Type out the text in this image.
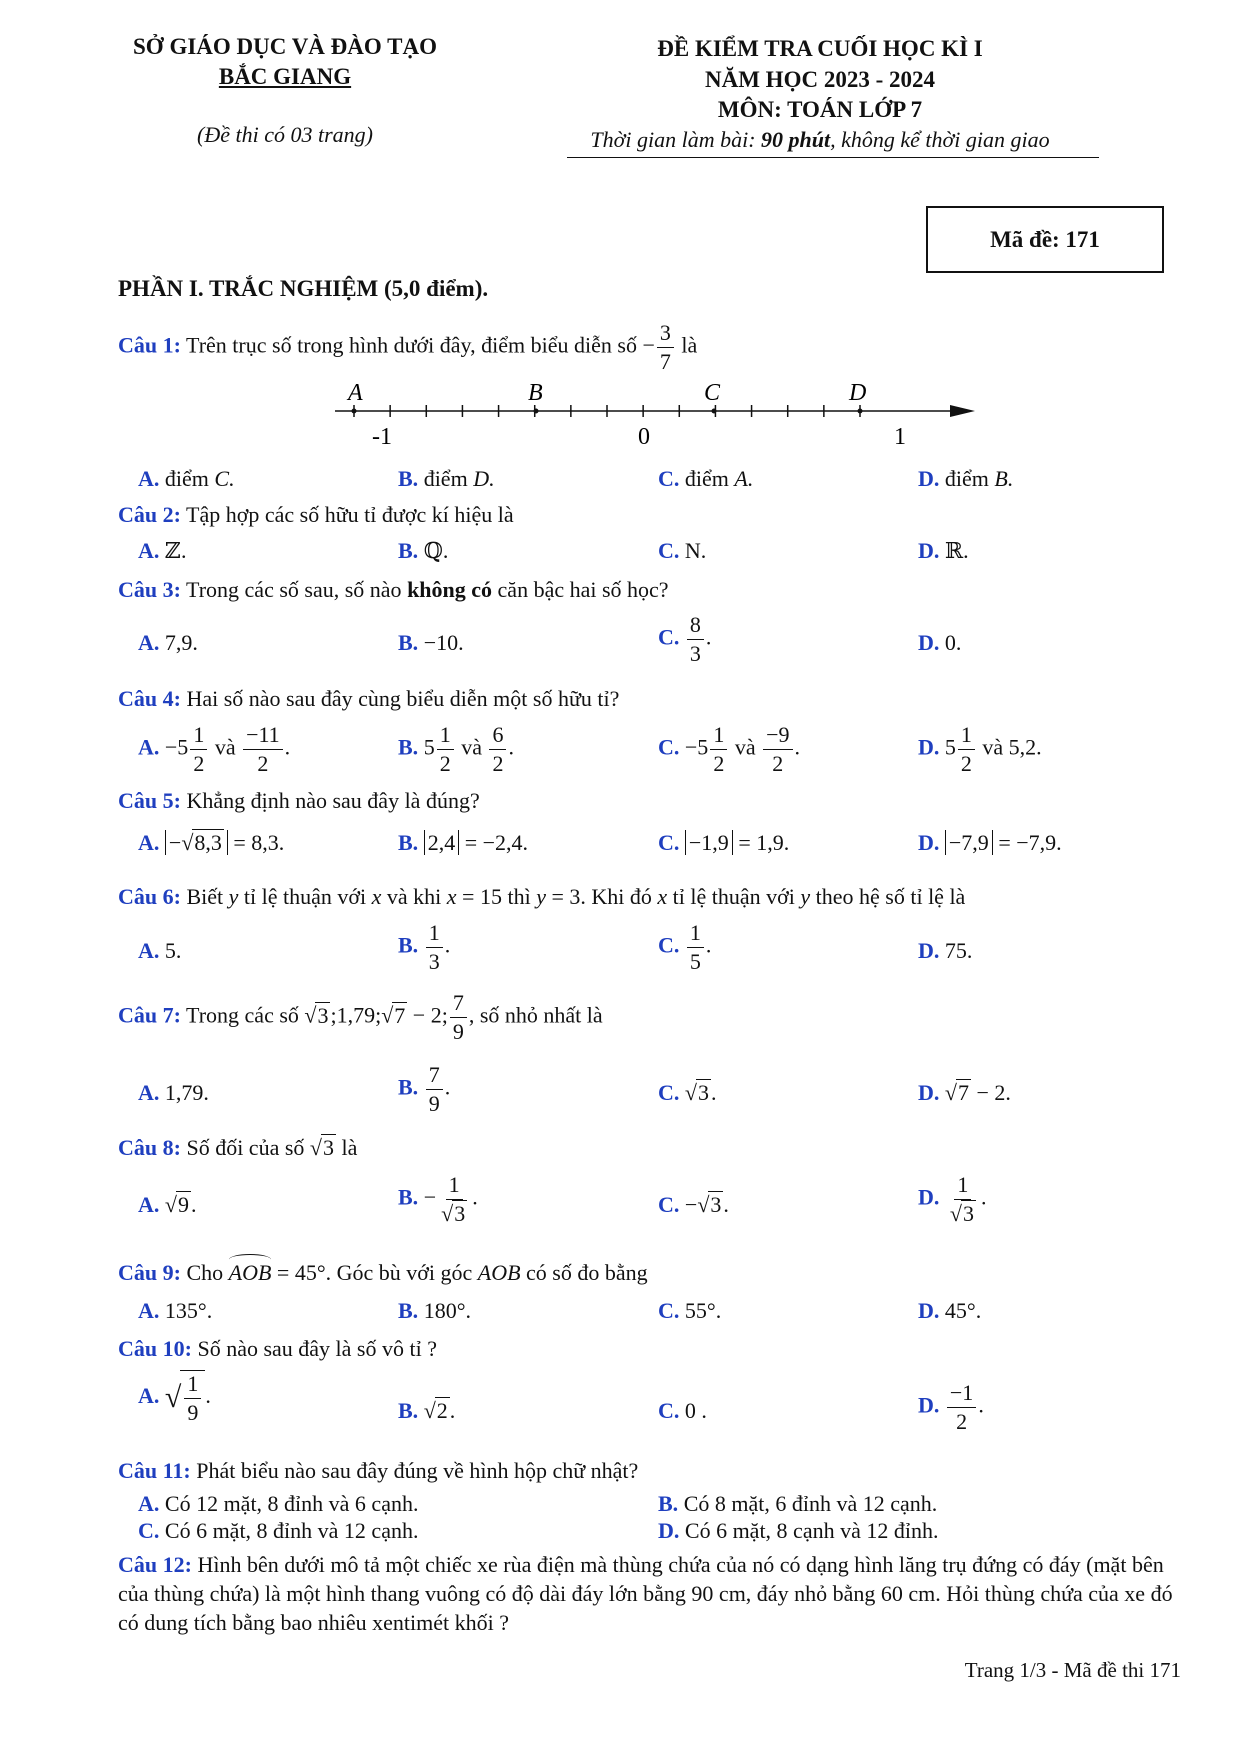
SỞ GIÁO DỤC VÀ ĐÀO TẠO
BẮC GIANG
(Đề thi có 03 trang)
ĐỀ KIỂM TRA CUỐI HỌC KÌ I
NĂM HỌC 2023 - 2024
MÔN: TOÁN LỚP 7
Thời gian làm bài: 90 phút, không kể thời gian giao
Mã đề: 171
PHẦN I. TRẮC NGHIỆM (5,0 điểm).
Câu 1: Trên trục số trong hình dưới đây, điểm biểu diễn số − $\frac{3}{7}$ là
A	B	C	D
-1	0	1
A. điểm C.	B. điểm D.	C. điểm A.	D. điểm B.
Câu 2: Tập hợp các số hữu tỉ được kí hiệu là
A. ℤ.	B. ℚ.	C. N.	D. ℝ.
Câu 3: Trong các số sau, số nào không có căn bậc hai số học?
A. 7,9.	B. −10.	C. $\frac{8}{3}$ .	D. 0.
Câu 4: Hai số nào sau đây cùng biểu diễn một số hữu tỉ?
A. $-5 \frac{1}{2}$ và $\frac{-11}{2}$ .	B. $5 \frac{1}{2}$ và $\frac{6}{2}$ .	C. $-5 \frac{1}{2}$ và $\frac{-9}{2}$ .	D. $5 \frac{1}{2}$ và 5,2.
Câu 5: Khẳng định nào sau đây là đúng?
A. −√8,3 = 8,3.	B. 2,4 = −2,4.	C. −1,9 = 1,9.	D. −7,9 = −7,9.
Câu 6: Biết y tỉ lệ thuận với x và khi x = 15 thì y = 3. Khi đó x tỉ lệ thuận với y theo hệ số tỉ lệ là
A. 5.	B. $\frac{1}{3}$ .	C. $\frac{1}{5}$ .	D. 75.
Câu 7: Trong các số √3;1,79;√7 − 2; $\frac{7}{9}$ , số nhỏ nhất là
A. 1,79.	B. $\frac{7}{9}$ .	C. √3.	D. √7 − 2.
Câu 8: Số đối của số √3 là
A. √9.	B. − $\frac{1}{√3}$ .	C. −√3.	D. $\frac{1}{√3}$ .
Câu 9: Cho AOB = 45°. Góc bù với góc AOB có số đo bằng
A. 135°.	B. 180°.	C. 55°.	D. 45°.
Câu 10: Số nào sau đây là số vô tỉ ?
A. √ $\frac{1}{9}$ .
B. √2.	C. 0 .	D. $\frac{-1}{2}$ .
Câu 11: Phát biểu nào sau đây đúng về hình hộp chữ nhật?
A. Có 12 mặt, 8 đỉnh và 6 cạnh.	B. Có 8 mặt, 6 đỉnh và 12 cạnh.
C. Có 6 mặt, 8 đỉnh và 12 cạnh.	D. Có 6 mặt, 8 cạnh và 12 đỉnh.
Câu 12: Hình bên dưới mô tả một chiếc xe rùa điện mà thùng chứa của nó có dạng hình lăng trụ đứng có đáy (mặt bên của thùng chứa) là một hình thang vuông có độ dài đáy lớn bằng 90 cm, đáy nhỏ bằng 60 cm. Hỏi thùng chứa của xe đó có dung tích bằng bao nhiêu xentimét khối ?
Trang 1/3 - Mã đề thi 171
